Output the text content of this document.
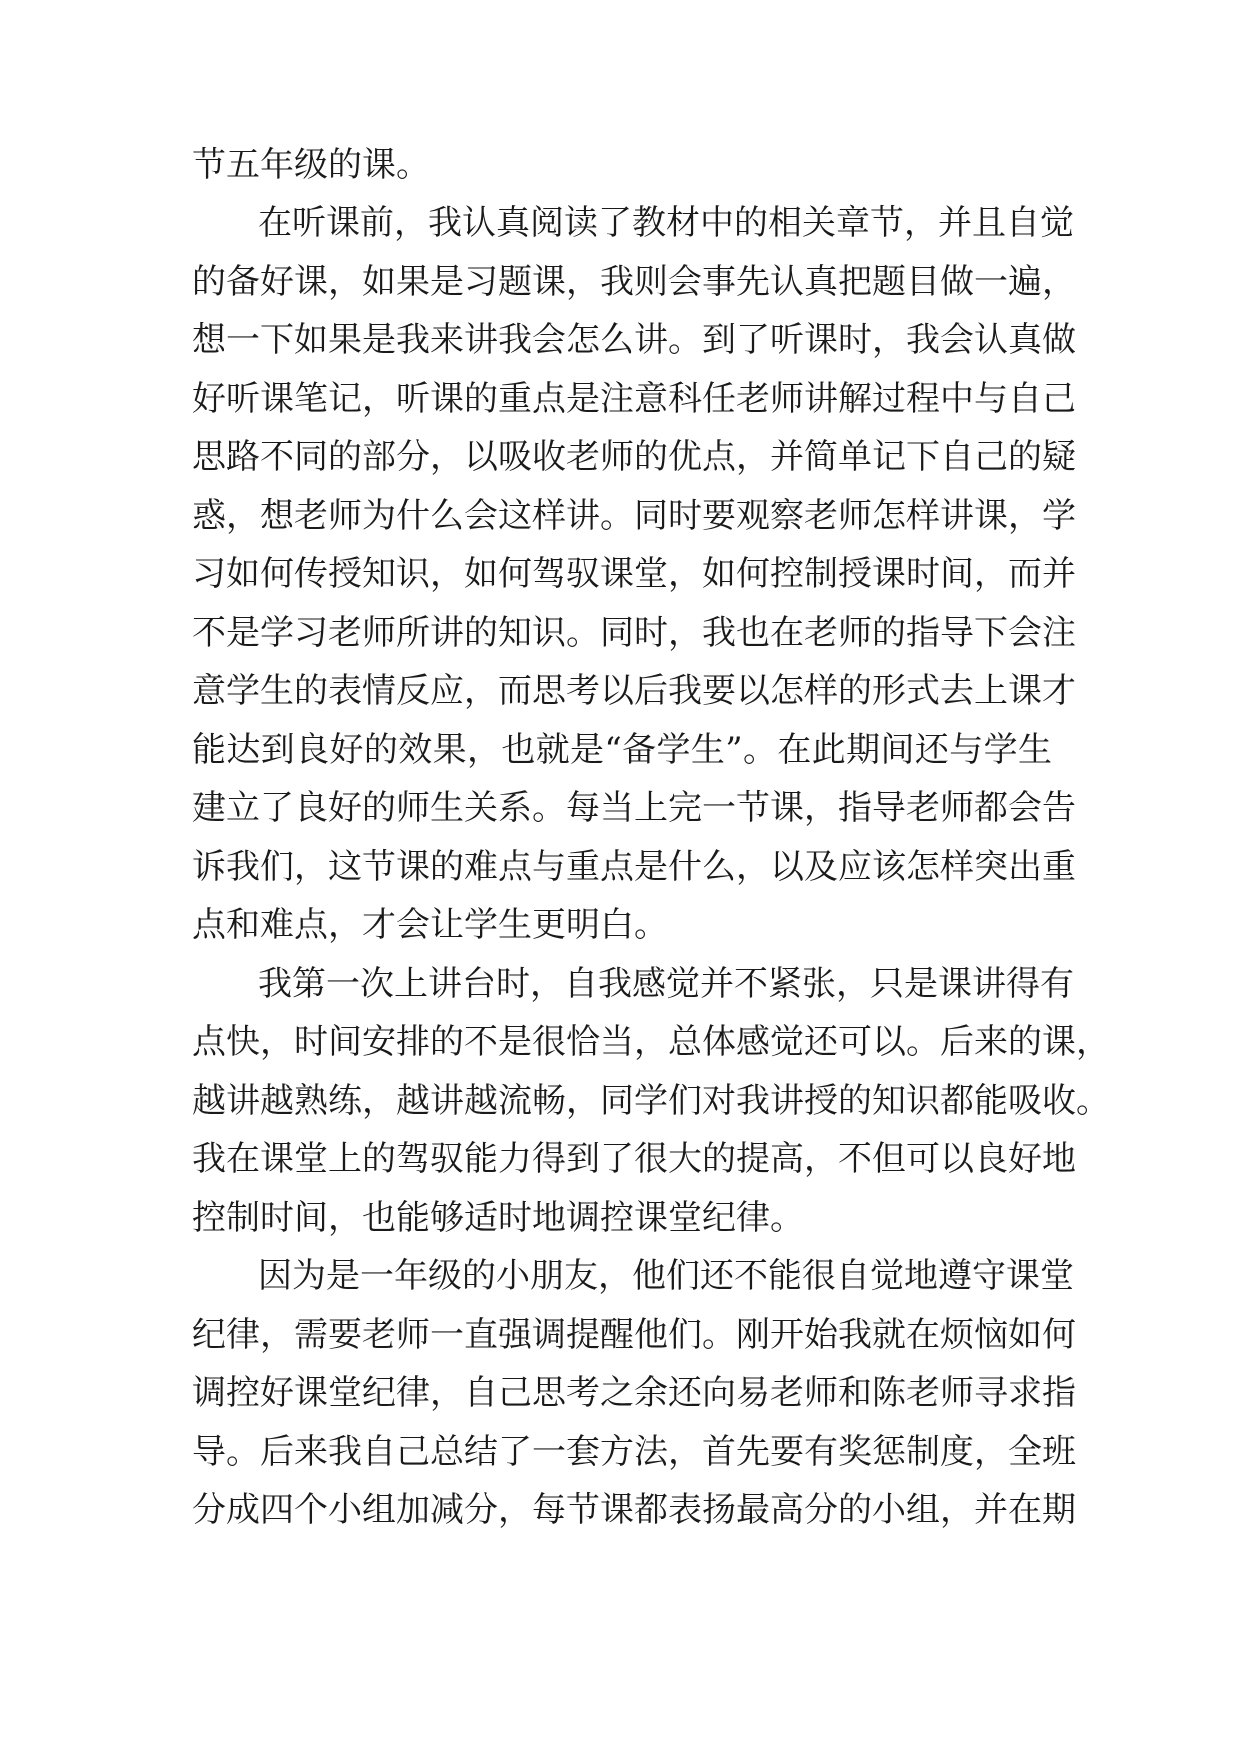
节五年级的课。
在听课前，我认真阅读了教材中的相关章节，并且自觉
的备好课，如果是习题课，我则会事先认真把题目做一遍，
想一下如果是我来讲我会怎么讲。到了听课时，我会认真做
好听课笔记，听课的重点是注意科任老师讲解过程中与自己
思路不同的部分，以吸收老师的优点，并简单记下自己的疑
惑，想老师为什么会这样讲。同时要观察老师怎样讲课，学
习如何传授知识，如何驾驭课堂，如何控制授课时间，而并
不是学习老师所讲的知识。同时，我也在老师的指导下会注
意学生的表情反应，而思考以后我要以怎样的形式去上课才
能达到良好的效果，也就是“备学生”。在此期间还与学生
建立了良好的师生关系。每当上完一节课，指导老师都会告
诉我们，这节课的难点与重点是什么，以及应该怎样突出重
点和难点，才会让学生更明白。
我第一次上讲台时，自我感觉并不紧张，只是课讲得有
点快，时间安排的不是很恰当，总体感觉还可以。后来的课，
越讲越熟练，越讲越流畅，同学们对我讲授的知识都能吸收。
我在课堂上的驾驭能力得到了很大的提高，不但可以良好地
控制时间，也能够适时地调控课堂纪律。
因为是一年级的小朋友，他们还不能很自觉地遵守课堂
纪律，需要老师一直强调提醒他们。刚开始我就在烦恼如何
调控好课堂纪律，自己思考之余还向易老师和陈老师寻求指
导。后来我自己总结了一套方法，首先要有奖惩制度，全班
分成四个小组加减分，每节课都表扬最高分的小组，并在期
